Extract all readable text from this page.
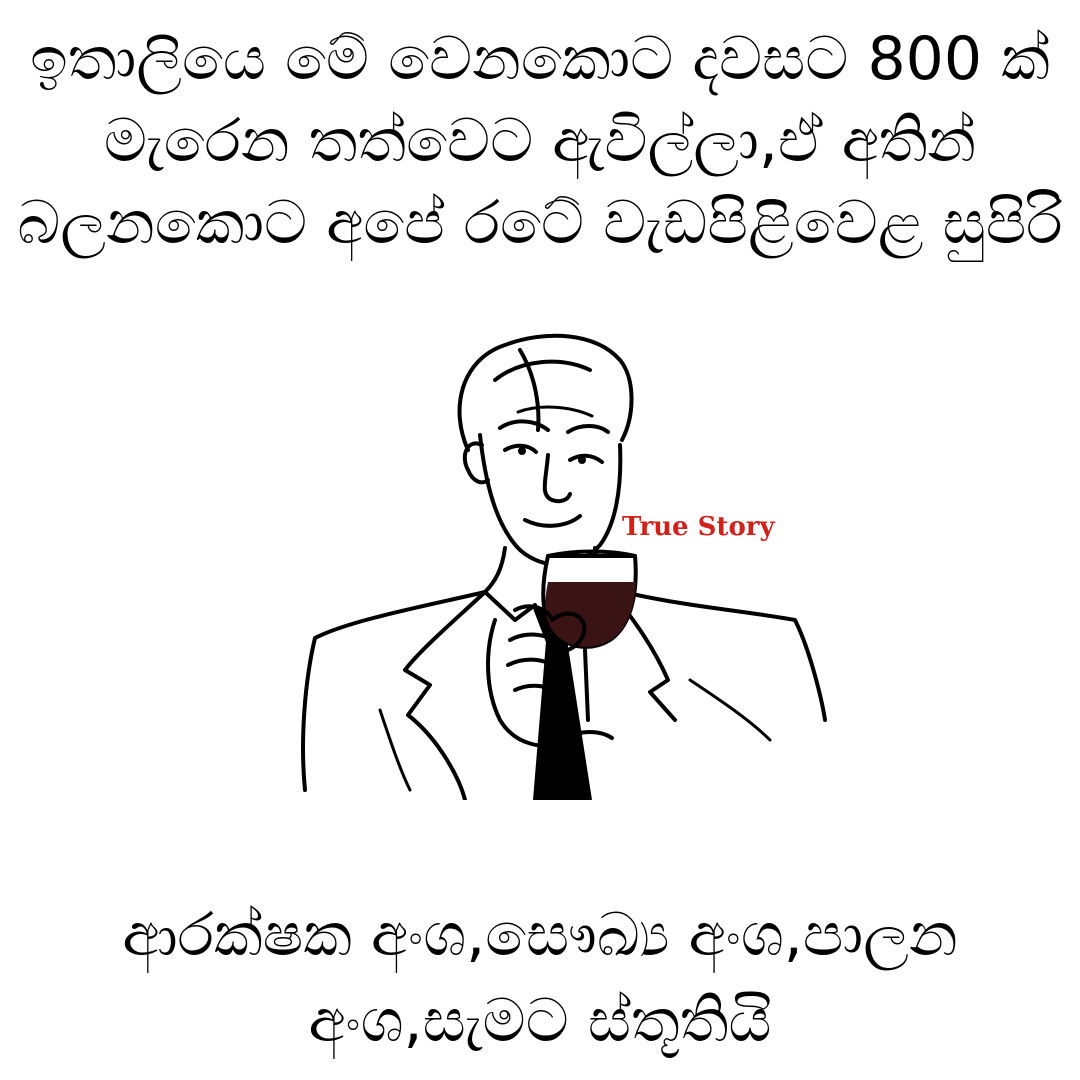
ඉතාලියෙ මේ වෙනකොට දවසට 800 ක්
මැරෙන තත්වෙට ඇවිල්ලා,ඒ අතින්
බලනකොට අපේ රටේ වැඩපිළිවෙළ සුපිරි
True Story
ආරක්ෂක අංශ,සෞඛ්‍ය අංශ,පාලන
අංශ,සැමට ස්තූතියි
